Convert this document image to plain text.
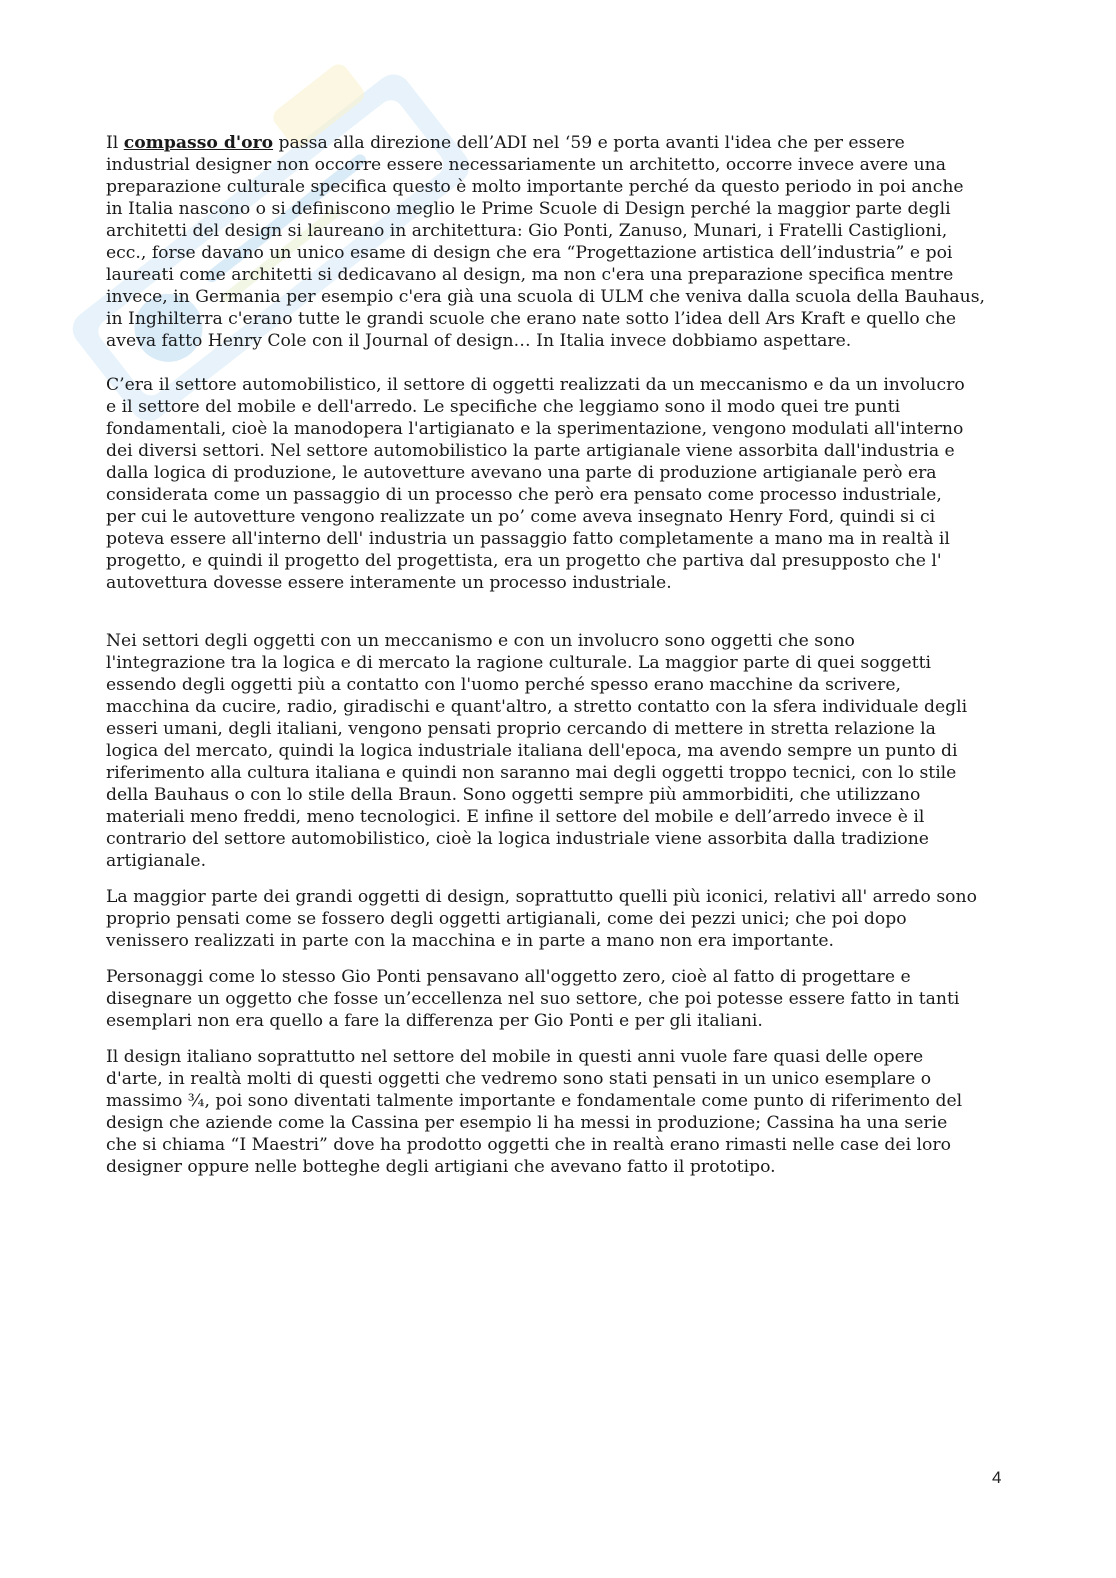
Il compasso d'oro passa alla direzione dell’ADI nel ‘59 e porta avanti l'idea che per essere
industrial designer non occorre essere necessariamente un architetto, occorre invece avere una
preparazione culturale specifica questo è molto importante perché da questo periodo in poi anche
in Italia nascono o si definiscono meglio le Prime Scuole di Design perché la maggior parte degli
architetti del design si laureano in architettura: Gio Ponti, Zanuso, Munari, i Fratelli Castiglioni,
ecc., forse davano un unico esame di design che era “Progettazione artistica dell’industria” e poi
laureati come architetti si dedicavano al design, ma non c'era una preparazione specifica mentre
invece, in Germania per esempio c'era già una scuola di ULM che veniva dalla scuola della Bauhaus,
in Inghilterra c'erano tutte le grandi scuole che erano nate sotto l’idea dell Ars Kraft e quello che
aveva fatto Henry Cole con il Journal of design… In Italia invece dobbiamo aspettare.

C’era il settore automobilistico, il settore di oggetti realizzati da un meccanismo e da un involucro
e il settore del mobile e dell'arredo. Le specifiche che leggiamo sono il modo quei tre punti
fondamentali, cioè la manodopera l'artigianato e la sperimentazione, vengono modulati all'interno
dei diversi settori. Nel settore automobilistico la parte artigianale viene assorbita dall'industria e
dalla logica di produzione, le autovetture avevano una parte di produzione artigianale però era
considerata come un passaggio di un processo che però era pensato come processo industriale,
per cui le autovetture vengono realizzate un po’ come aveva insegnato Henry Ford, quindi si ci
poteva essere all'interno dell' industria un passaggio fatto completamente a mano ma in realtà il
progetto, e quindi il progetto del progettista, era un progetto che partiva dal presupposto che l'
autovettura dovesse essere interamente un processo industriale.

Nei settori degli oggetti con un meccanismo e con un involucro sono oggetti che sono
l'integrazione tra la logica e di mercato la ragione culturale. La maggior parte di quei soggetti
essendo degli oggetti più a contatto con l'uomo perché spesso erano macchine da scrivere,
macchina da cucire, radio, giradischi e quant'altro, a stretto contatto con la sfera individuale degli
esseri umani, degli italiani, vengono pensati proprio cercando di mettere in stretta relazione la
logica del mercato, quindi la logica industriale italiana dell'epoca, ma avendo sempre un punto di
riferimento alla cultura italiana e quindi non saranno mai degli oggetti troppo tecnici, con lo stile
della Bauhaus o con lo stile della Braun. Sono oggetti sempre più ammorbiditi, che utilizzano
materiali meno freddi, meno tecnologici. E infine il settore del mobile e dell’arredo invece è il
contrario del settore automobilistico, cioè la logica industriale viene assorbita dalla tradizione
artigianale.

La maggior parte dei grandi oggetti di design, soprattutto quelli più iconici, relativi all' arredo sono
proprio pensati come se fossero degli oggetti artigianali, come dei pezzi unici; che poi dopo
venissero realizzati in parte con la macchina e in parte a mano non era importante.

Personaggi come lo stesso Gio Ponti pensavano all'oggetto zero, cioè al fatto di progettare e
disegnare un oggetto che fosse un’eccellenza nel suo settore, che poi potesse essere fatto in tanti
esemplari non era quello a fare la differenza per Gio Ponti e per gli italiani.

Il design italiano soprattutto nel settore del mobile in questi anni vuole fare quasi delle opere
d'arte, in realtà molti di questi oggetti che vedremo sono stati pensati in un unico esemplare o
massimo ¾, poi sono diventati talmente importante e fondamentale come punto di riferimento del
design che aziende come la Cassina per esempio li ha messi in produzione; Cassina ha una serie
che si chiama “I Maestri” dove ha prodotto oggetti che in realtà erano rimasti nelle case dei loro
designer oppure nelle botteghe degli artigiani che avevano fatto il prototipo.

4
